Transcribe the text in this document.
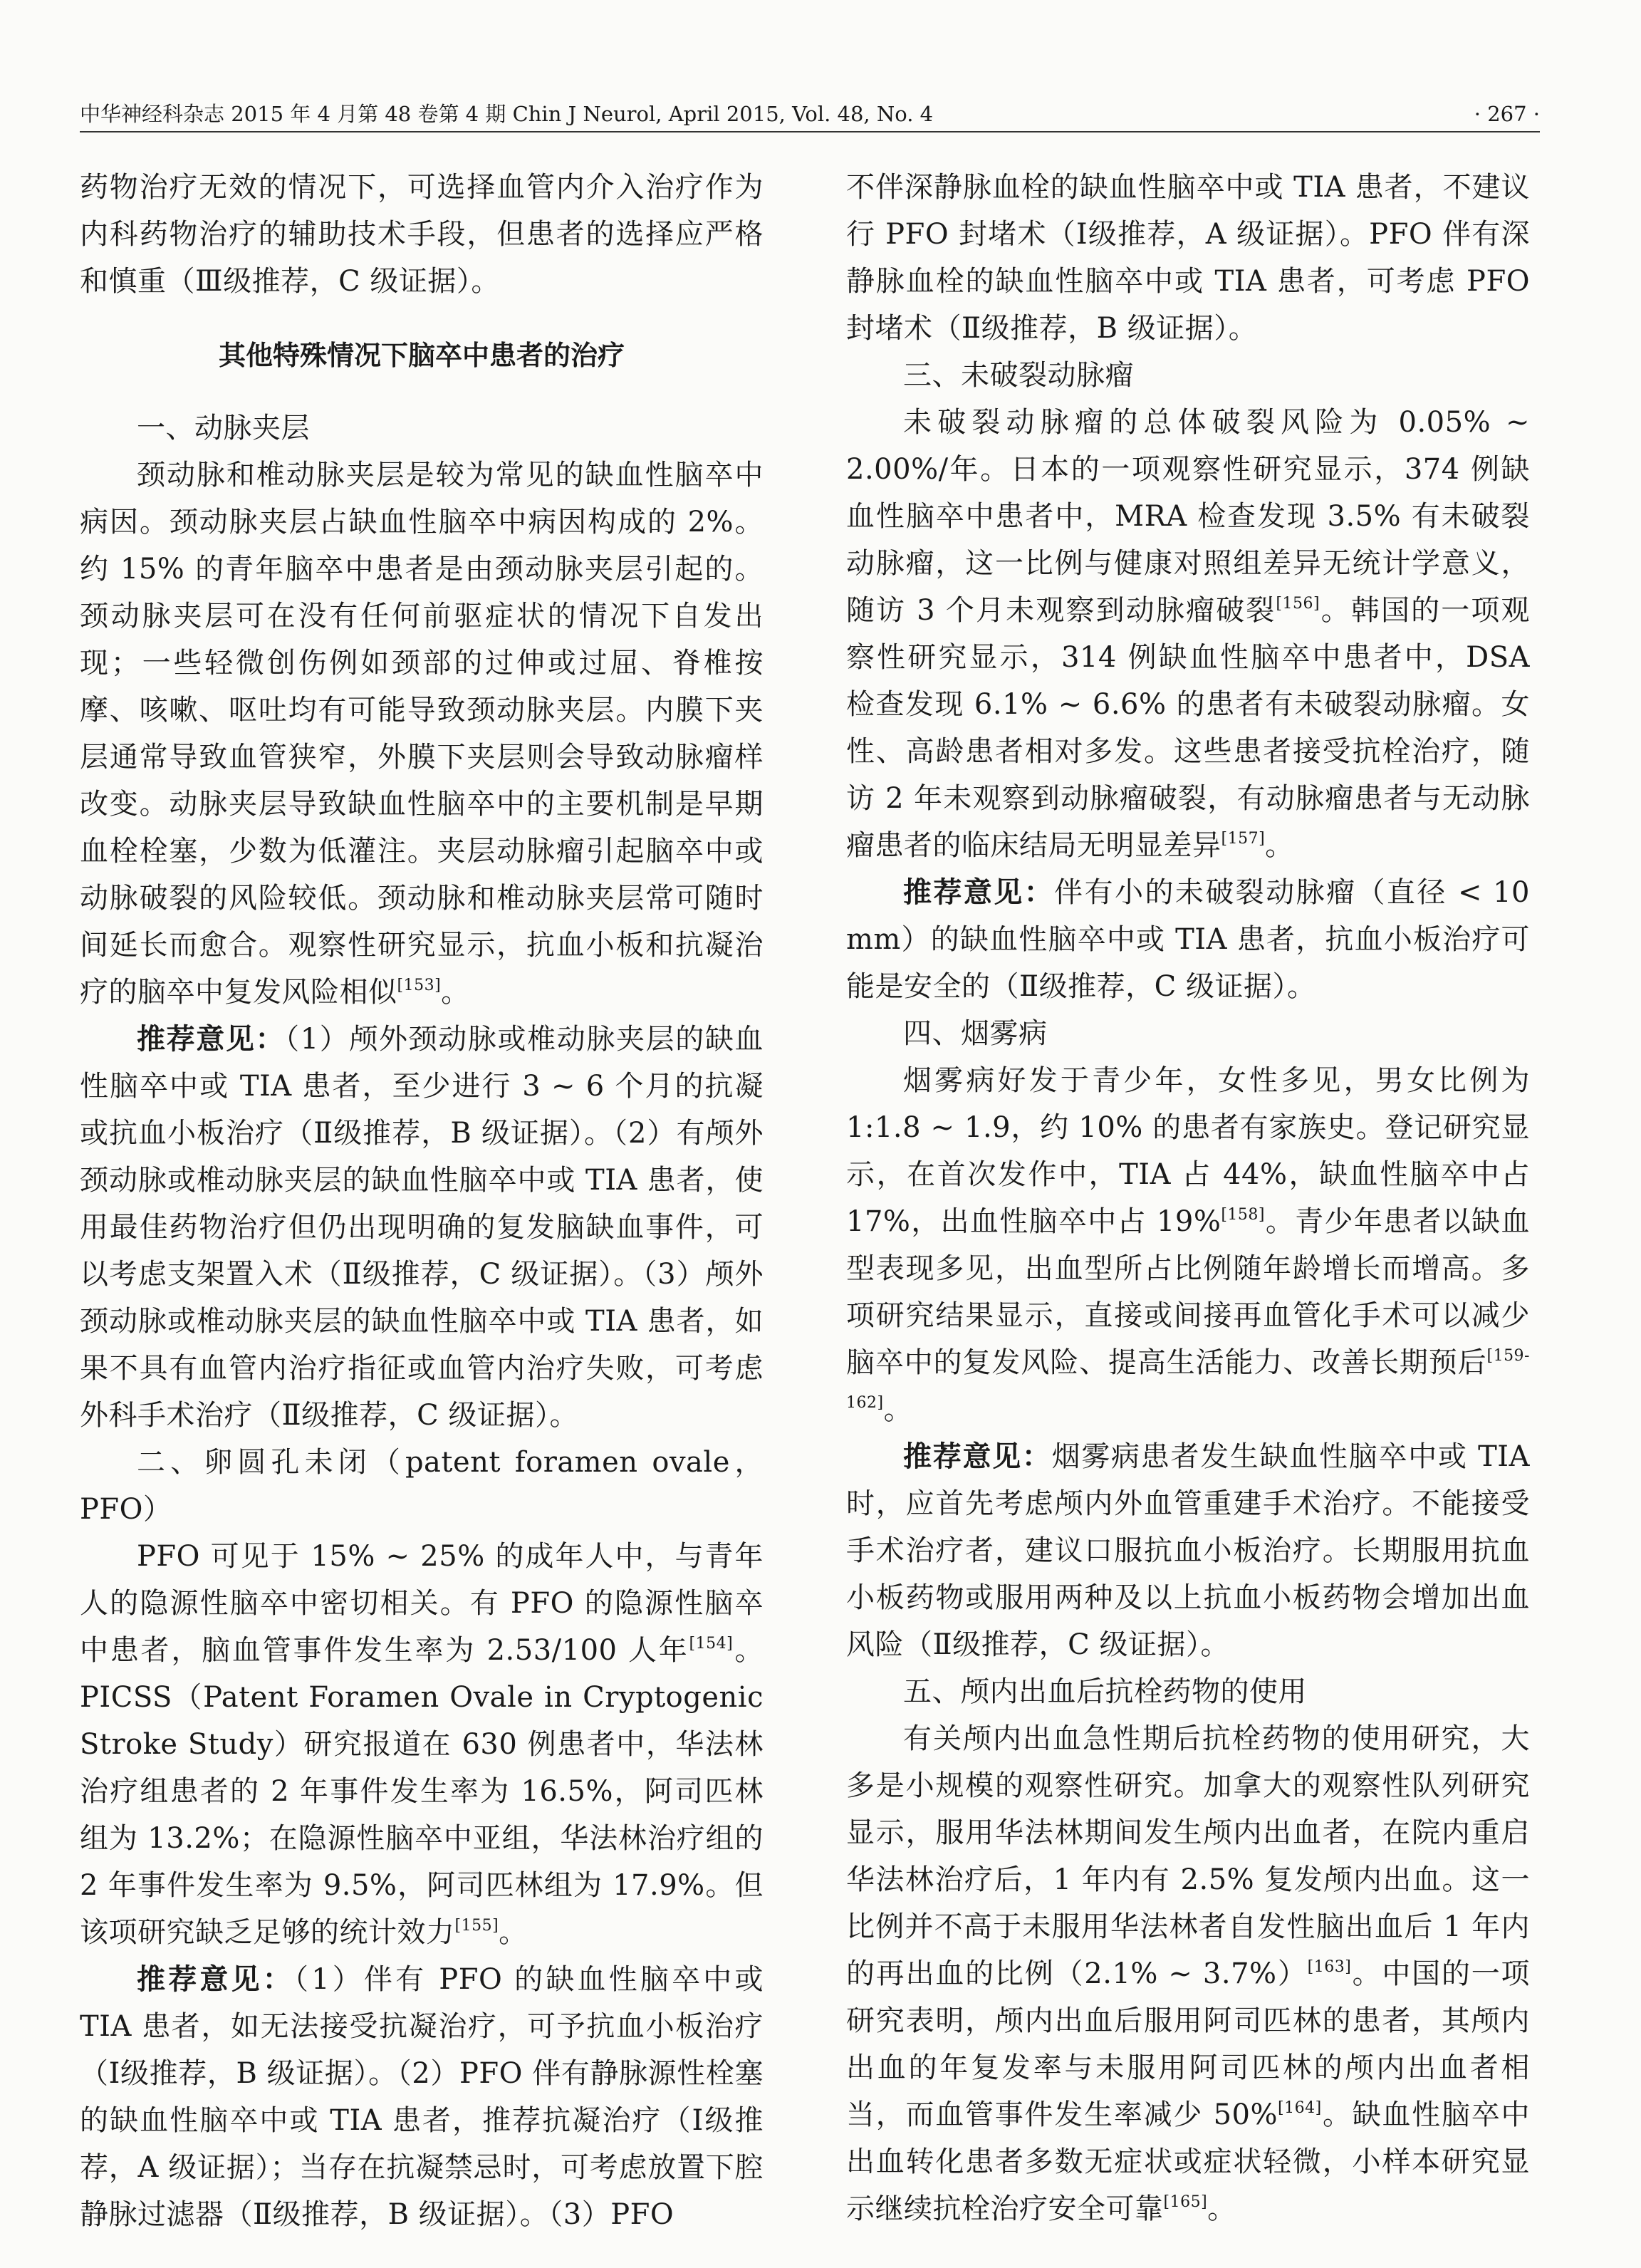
中华神经科杂志 2015 年 4 月第 48 卷第 4 期 Chin J Neurol, April 2015, Vol. 48, No. 4	· 267 ·

药物治疗无效的情况下，可选择血管内介入治疗作为内科药物治疗的辅助技术手段，但患者的选择应严格和慎重（Ⅲ级推荐，C 级证据）。

其他特殊情况下脑卒中患者的治疗

一、动脉夹层

颈动脉和椎动脉夹层是较为常见的缺血性脑卒中病因。颈动脉夹层占缺血性脑卒中病因构成的 2%。约 15% 的青年脑卒中患者是由颈动脉夹层引起的。颈动脉夹层可在没有任何前驱症状的情况下自发出现；一些轻微创伤例如颈部的过伸或过屈、脊椎按摩、咳嗽、呕吐均有可能导致颈动脉夹层。内膜下夹层通常导致血管狭窄，外膜下夹层则会导致动脉瘤样改变。动脉夹层导致缺血性脑卒中的主要机制是早期血栓栓塞，少数为低灌注。夹层动脉瘤引起脑卒中或动脉破裂的风险较低。颈动脉和椎动脉夹层常可随时间延长而愈合。观察性研究显示，抗血小板和抗凝治疗的脑卒中复发风险相似[153]。

推荐意见：（1）颅外颈动脉或椎动脉夹层的缺血性脑卒中或 TIA 患者，至少进行 3 ~ 6 个月的抗凝或抗血小板治疗（Ⅱ级推荐，B 级证据）。（2）有颅外颈动脉或椎动脉夹层的缺血性脑卒中或 TIA 患者，使用最佳药物治疗但仍出现明确的复发脑缺血事件，可以考虑支架置入术（Ⅱ级推荐，C 级证据）。（3）颅外颈动脉或椎动脉夹层的缺血性脑卒中或 TIA 患者，如果不具有血管内治疗指征或血管内治疗失败，可考虑外科手术治疗（Ⅱ级推荐，C 级证据）。

二、卵圆孔未闭（patent foramen ovale，PFO）

PFO 可见于 15% ~ 25% 的成年人中，与青年人的隐源性脑卒中密切相关。有 PFO 的隐源性脑卒中患者，脑血管事件发生率为 2.53/100 人年[154]。PICSS（Patent Foramen Ovale in Cryptogenic Stroke Study）研究报道在 630 例患者中，华法林治疗组患者的 2 年事件发生率为 16.5%，阿司匹林组为 13.2%；在隐源性脑卒中亚组，华法林治疗组的 2 年事件发生率为 9.5%，阿司匹林组为 17.9%。但该项研究缺乏足够的统计效力[155]。

推荐意见：（1）伴有 PFO 的缺血性脑卒中或 TIA 患者，如无法接受抗凝治疗，可予抗血小板治疗（Ⅰ级推荐，B 级证据）。（2）PFO 伴有静脉源性栓塞的缺血性脑卒中或 TIA 患者，推荐抗凝治疗（Ⅰ级推荐，A 级证据）；当存在抗凝禁忌时，可考虑放置下腔静脉过滤器（Ⅱ级推荐，B 级证据）。（3）PFO

不伴深静脉血栓的缺血性脑卒中或 TIA 患者，不建议行 PFO 封堵术（Ⅰ级推荐，A 级证据）。PFO 伴有深静脉血栓的缺血性脑卒中或 TIA 患者，可考虑 PFO 封堵术（Ⅱ级推荐，B 级证据）。

三、未破裂动脉瘤

未破裂动脉瘤的总体破裂风险为 0.05% ~ 2.00%/年。日本的一项观察性研究显示，374 例缺血性脑卒中患者中，MRA 检查发现 3.5% 有未破裂动脉瘤，这一比例与健康对照组差异无统计学意义，随访 3 个月未观察到动脉瘤破裂[156]。韩国的一项观察性研究显示，314 例缺血性脑卒中患者中，DSA 检查发现 6.1% ~ 6.6% 的患者有未破裂动脉瘤。女性、高龄患者相对多发。这些患者接受抗栓治疗，随访 2 年未观察到动脉瘤破裂，有动脉瘤患者与无动脉瘤患者的临床结局无明显差异[157]。

推荐意见：伴有小的未破裂动脉瘤（直径 < 10 mm）的缺血性脑卒中或 TIA 患者，抗血小板治疗可能是安全的（Ⅱ级推荐，C 级证据）。

四、烟雾病

烟雾病好发于青少年，女性多见，男女比例为 1:1.8 ~ 1.9，约 10% 的患者有家族史。登记研究显示，在首次发作中，TIA 占 44%，缺血性脑卒中占 17%，出血性脑卒中占 19%[158]。青少年患者以缺血型表现多见，出血型所占比例随年龄增长而增高。多项研究结果显示，直接或间接再血管化手术可以减少脑卒中的复发风险、提高生活能力、改善长期预后[159-162]。

推荐意见：烟雾病患者发生缺血性脑卒中或 TIA 时，应首先考虑颅内外血管重建手术治疗。不能接受手术治疗者，建议口服抗血小板治疗。长期服用抗血小板药物或服用两种及以上抗血小板药物会增加出血风险（Ⅱ级推荐，C 级证据）。

五、颅内出血后抗栓药物的使用

有关颅内出血急性期后抗栓药物的使用研究，大多是小规模的观察性研究。加拿大的观察性队列研究显示，服用华法林期间发生颅内出血者，在院内重启华法林治疗后，1 年内有 2.5% 复发颅内出血。这一比例并不高于未服用华法林者自发性脑出血后 1 年内的再出血的比例（2.1% ~ 3.7%）[163]。中国的一项研究表明，颅内出血后服用阿司匹林的患者，其颅内出血的年复发率与未服用阿司匹林的颅内出血者相当，而血管事件发生率减少 50%[164]。缺血性脑卒中出血转化患者多数无症状或症状轻微，小样本研究显示继续抗栓治疗安全可靠[165]。
